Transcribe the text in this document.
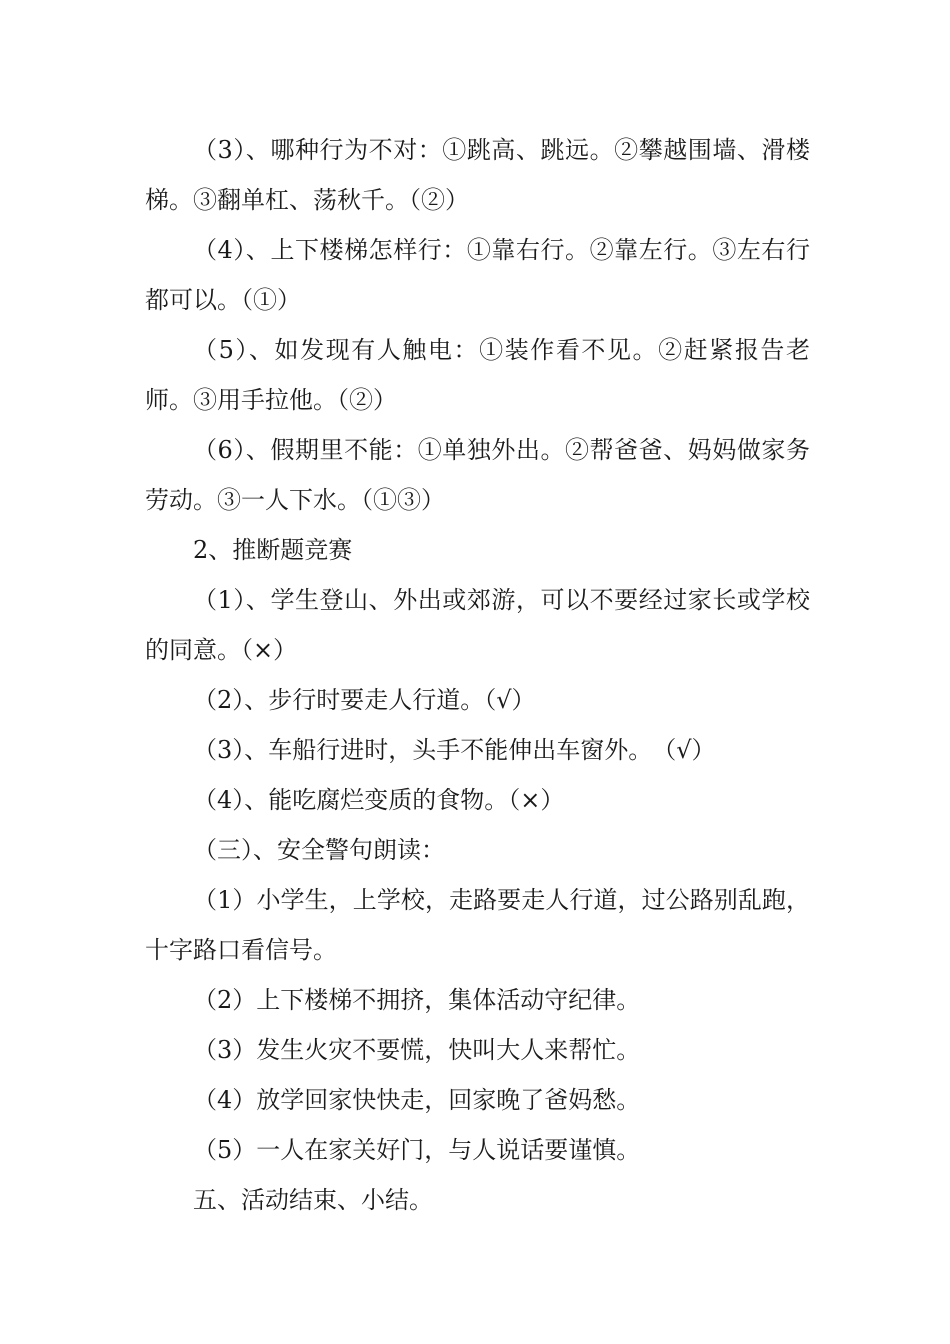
（3）、哪种行为不对：①跳高、跳远。②攀越围墙、滑楼梯。③翻单杠、荡秋千。（②）

（4）、上下楼梯怎样行：①靠右行。②靠左行。③左右行都可以。（①）

（5）、如发现有人触电：①装作看不见。②赶紧报告老师。③用手拉他。（②）

（6）、假期里不能：①单独外出。②帮爸爸、妈妈做家务劳动。③一人下水。（①③）

2、推断题竞赛

（1）、学生登山、外出或郊游，可以不要经过家长或学校的同意。（×）

（2）、步行时要走人行道。（√）

（3）、车船行进时，头手不能伸出车窗外。　（√）

（4）、能吃腐烂变质的食物。（×）

（三）、安全警句朗读：

（1）小学生，上学校，走路要走人行道，过公路别乱跑，十字路口看信号。

（2）上下楼梯不拥挤，集体活动守纪律。

（3）发生火灾不要慌，快叫大人来帮忙。

（4）放学回家快快走，回家晚了爸妈愁。

（5）一人在家关好门，与人说话要谨慎。

五、活动结束、小结。
